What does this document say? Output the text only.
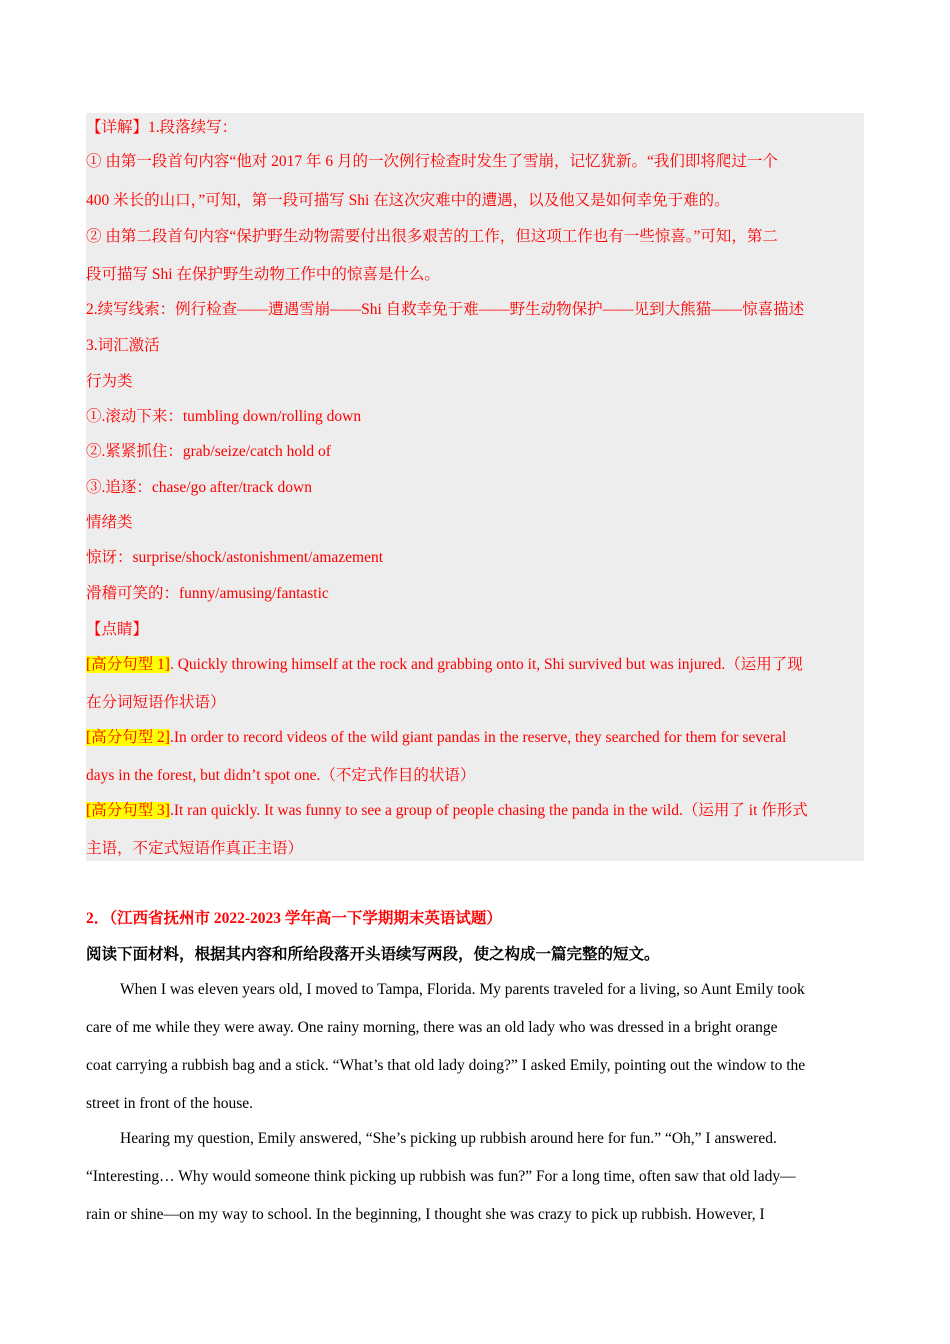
【详解】1.段落续写：
① 由第一段首句内容“他对 2017 年 6 月的一次例行检查时发生了雪崩，记忆犹新。“我们即将爬过一个
400 米长的山口，”可知，第一段可描写 Shi 在这次灾难中的遭遇，以及他又是如何幸免于难的。
② 由第二段首句内容“保护野生动物需要付出很多艰苦的工作，但这项工作也有一些惊喜。”可知，第二
段可描写 Shi 在保护野生动物工作中的惊喜是什么。
2.续写线索：例行检查——遭遇雪崩——Shi 自救幸免于难——野生动物保护——见到大熊猫——惊喜描述
3.词汇激活
行为类
①.滚动下来：tumbling down/rolling down
②.紧紧抓住：grab/seize/catch hold of
③.追逐：chase/go after/track down
情绪类
惊讶：surprise/shock/astonishment/amazement
滑稽可笑的：funny/amusing/fantastic
【点睛】
[高分句型 1]. Quickly throwing himself at the rock and grabbing onto it, Shi survived but was injured.（运用了现
在分词短语作状语）
[高分句型 2].In order to record videos of the wild giant pandas in the reserve, they searched for them for several
days in the forest, but didn’t spot one.（不定式作目的状语）
[高分句型 3].It ran quickly. It was funny to see a group of people chasing the panda in the wild.（运用了 it 作形式
主语，不定式短语作真正主语）
2．（江西省抚州市 2022-2023 学年高一下学期期末英语试题）
阅读下面材料，根据其内容和所给段落开头语续写两段，使之构成一篇完整的短文。
When I was eleven years old, I moved to Tampa, Florida. My parents traveled for a living, so Aunt Emily took
care of me while they were away. One rainy morning, there was an old lady who was dressed in a bright orange
coat carrying a rubbish bag and a stick. “What’s that old lady doing?” I asked Emily, pointing out the window to the
street in front of the house.
Hearing my question, Emily answered, “She’s picking up rubbish around here for fun.” “Oh,” I answered.
“Interesting… Why would someone think picking up rubbish was fun?” For a long time, often saw that old lady—
rain or shine—on my way to school. In the beginning, I thought she was crazy to pick up rubbish. However, I
